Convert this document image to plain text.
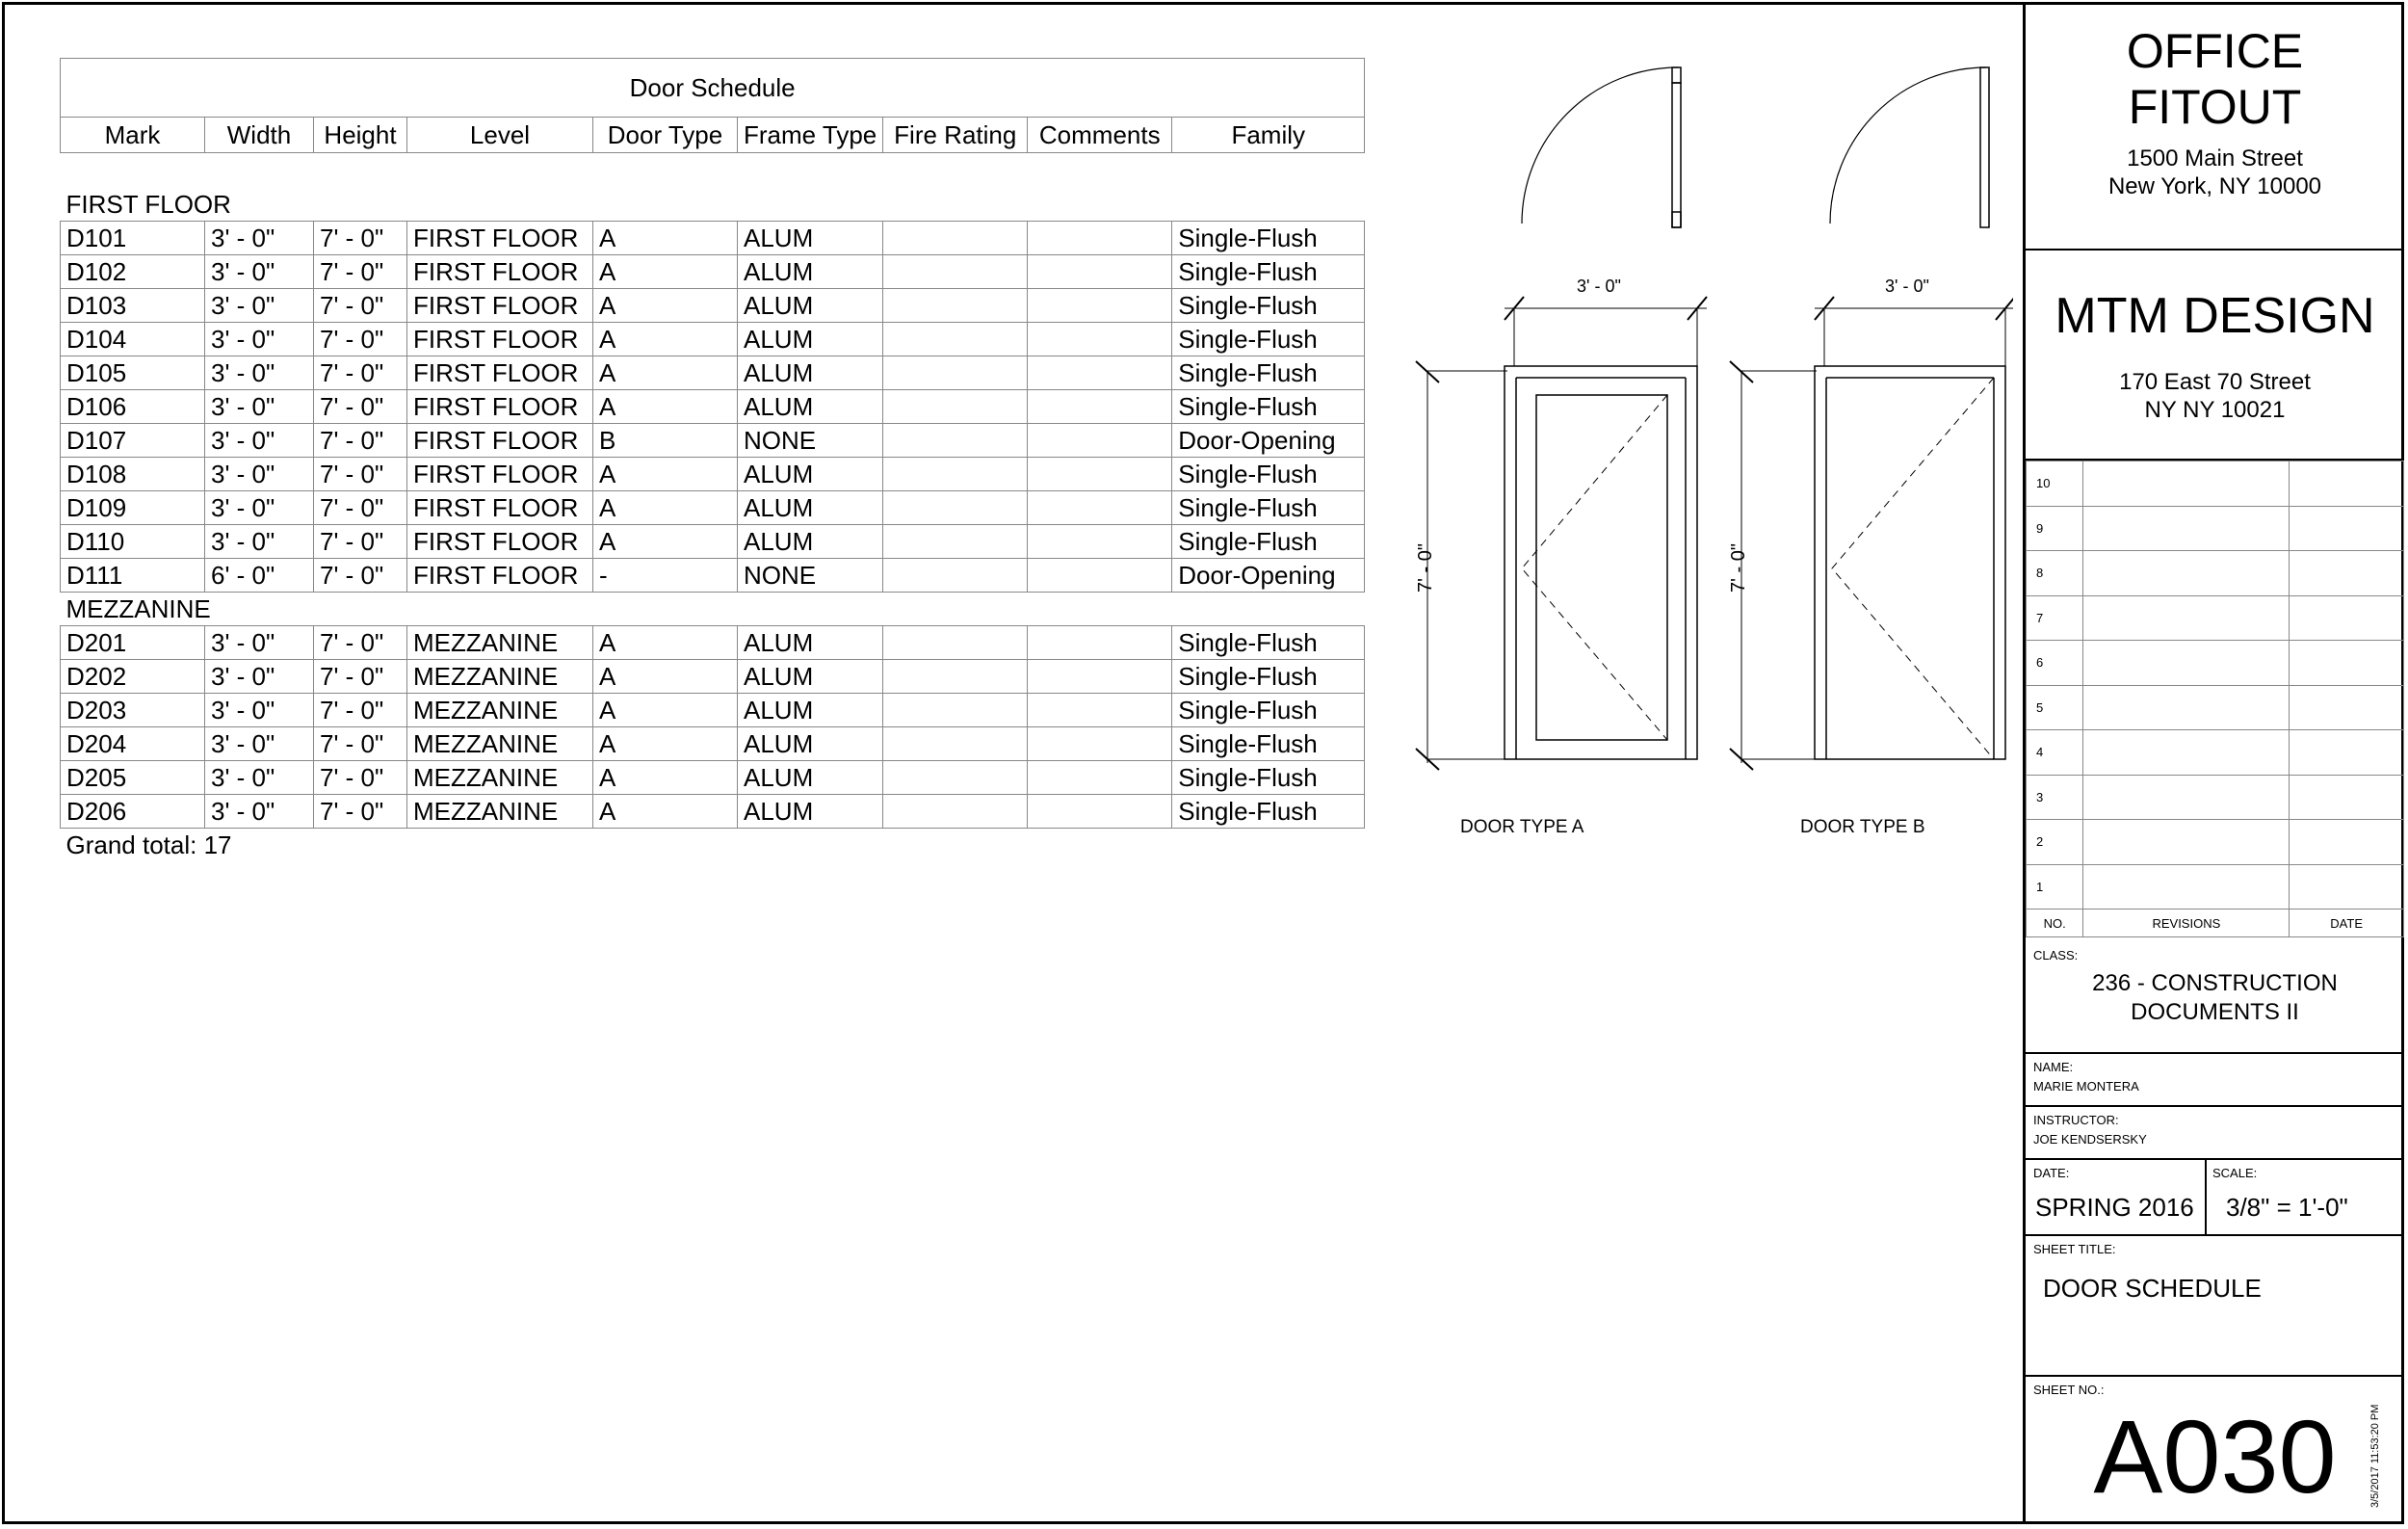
Door Schedule								
Mark	Width	Height	Level	Door Type	Frame Type	Fire Rating	Comments	Family

FIRST FLOOR								
D101	3' - 0"	7' - 0"	FIRST FLOOR	A	ALUM			Single-Flush
D102	3' - 0"	7' - 0"	FIRST FLOOR	A	ALUM			Single-Flush
D103	3' - 0"	7' - 0"	FIRST FLOOR	A	ALUM			Single-Flush
D104	3' - 0"	7' - 0"	FIRST FLOOR	A	ALUM			Single-Flush
D105	3' - 0"	7' - 0"	FIRST FLOOR	A	ALUM			Single-Flush
D106	3' - 0"	7' - 0"	FIRST FLOOR	A	ALUM			Single-Flush
D107	3' - 0"	7' - 0"	FIRST FLOOR	B	NONE			Door-Opening
D108	3' - 0"	7' - 0"	FIRST FLOOR	A	ALUM			Single-Flush
D109	3' - 0"	7' - 0"	FIRST FLOOR	A	ALUM			Single-Flush
D110	3' - 0"	7' - 0"	FIRST FLOOR	A	ALUM			Single-Flush
D111	6' - 0"	7' - 0"	FIRST FLOOR	-	NONE			Door-Opening
MEZZANINE								
D201	3' - 0"	7' - 0"	MEZZANINE	A	ALUM			Single-Flush
D202	3' - 0"	7' - 0"	MEZZANINE	A	ALUM			Single-Flush
D203	3' - 0"	7' - 0"	MEZZANINE	A	ALUM			Single-Flush
D204	3' - 0"	7' - 0"	MEZZANINE	A	ALUM			Single-Flush
D205	3' - 0"	7' - 0"	MEZZANINE	A	ALUM			Single-Flush
D206	3' - 0"	7' - 0"	MEZZANINE	A	ALUM			Single-Flush
Grand total: 17								
3' - 0"	3' - 0"
7' - 0"	7' - 0"
DOOR TYPE A	DOOR TYPE B
OFFICE
FITOUT
1500 Main Street
New York, NY 10000
MTM DESIGN
170 East 70 Street
NY NY 10021
10		
9		
8		
7		
6		
5		
4		
3		
2		
1		
NO.	REVISIONS	DATE
CLASS:
236 - CONSTRUCTION
DOCUMENTS II
NAME:
MARIE MONTERA
INSTRUCTOR:
JOE KENDSERSKY
DATE:
SPRING 2016
SCALE:
3/8" = 1'-0"
SHEET TITLE:
DOOR SCHEDULE
SHEET NO.:
A030	3/5/2017 11:53:20 PM
